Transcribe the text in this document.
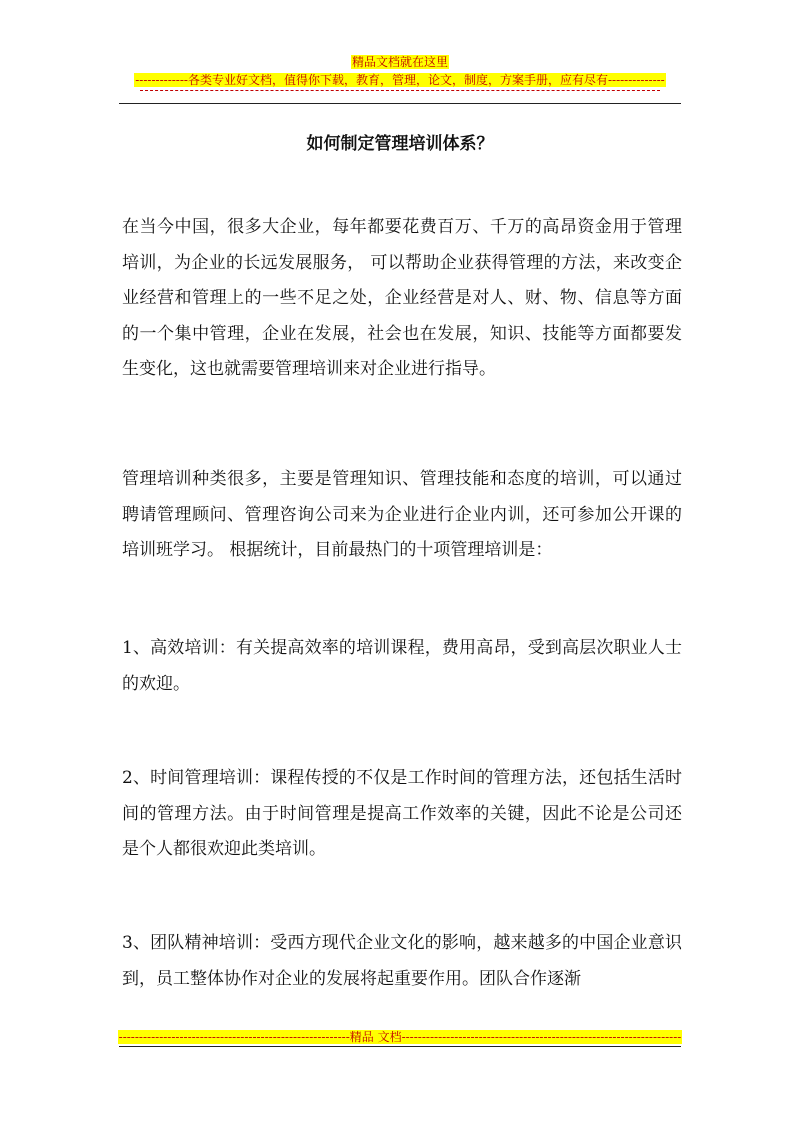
精品文档就在这里
-------------各类专业好文档，值得你下载，教育，管理，论文，制度，方案手册，应有尽有--------------
如何制定管理培训体系？

在当今中国，很多大企业，每年都要花费百万、千万的高昂资金用于管理培训，为企业的长远发展服务， 可以帮助企业获得管理的方法，来改变企业经营和管理上的一些不足之处，企业经营是对人、财、物、信息等方面的一个集中管理，企业在发展，社会也在发展，知识、技能等方面都要发生变化，这也就需要管理培训来对企业进行指导。

管理培训种类很多，主要是管理知识、管理技能和态度的培训，可以通过聘请管理顾问、管理咨询公司来为企业进行企业内训，还可参加公开课的培训班学习。 根据统计，目前最热门的十项管理培训是：

1、高效培训：有关提高效率的培训课程，费用高昂，受到高层次职业人士的欢迎。

2、时间管理培训：课程传授的不仅是工作时间的管理方法，还包括生活时间的管理方法。由于时间管理是提高工作效率的关键，因此不论是公司还是个人都很欢迎此类培训。

3、团队精神培训：受西方现代企业文化的影响，越来越多的中国企业意识到，员工整体协作对企业的发展将起重要作用。团队合作逐渐

---------------------------------------------------------精品 文档---------------------------------------------------------------------
